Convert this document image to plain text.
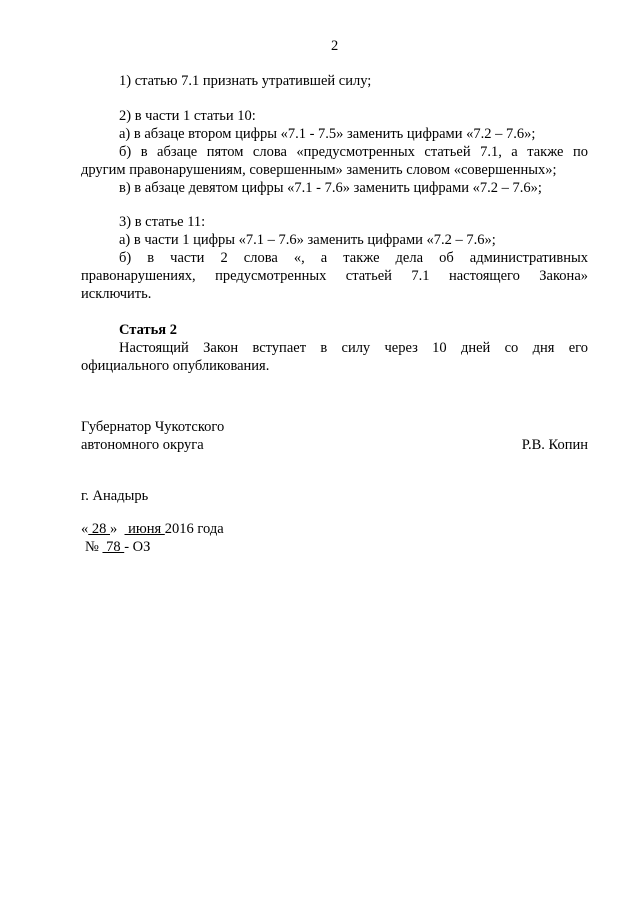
2
1) статью 7.1 признать утратившей силу;
2) в части 1 статьи 10:
а) в абзаце втором цифры «7.1 - 7.5» заменить цифрами «7.2 – 7.6»;
б) в абзаце пятом слова «предусмотренных статьей 7.1, а также по
другим правонарушениям, совершенным» заменить словом «совершенных»;
в) в абзаце девятом цифры «7.1 - 7.6» заменить цифрами «7.2 – 7.6»;
3) в статье 11:
а) в части 1 цифры «7.1 – 7.6» заменить цифрами «7.2 – 7.6»;
б) в части 2 слова «, а также дела об административных
правонарушениях, предусмотренных статьей 7.1 настоящего Закона»
исключить.
Статья 2
Настоящий Закон вступает в силу через 10 дней со дня его
официального опубликования.
Губернатор Чукотского
автономного округа	Р.В. Копин
г. Анадырь
« 28 »   июня 2016 года
№  78 - ОЗ
